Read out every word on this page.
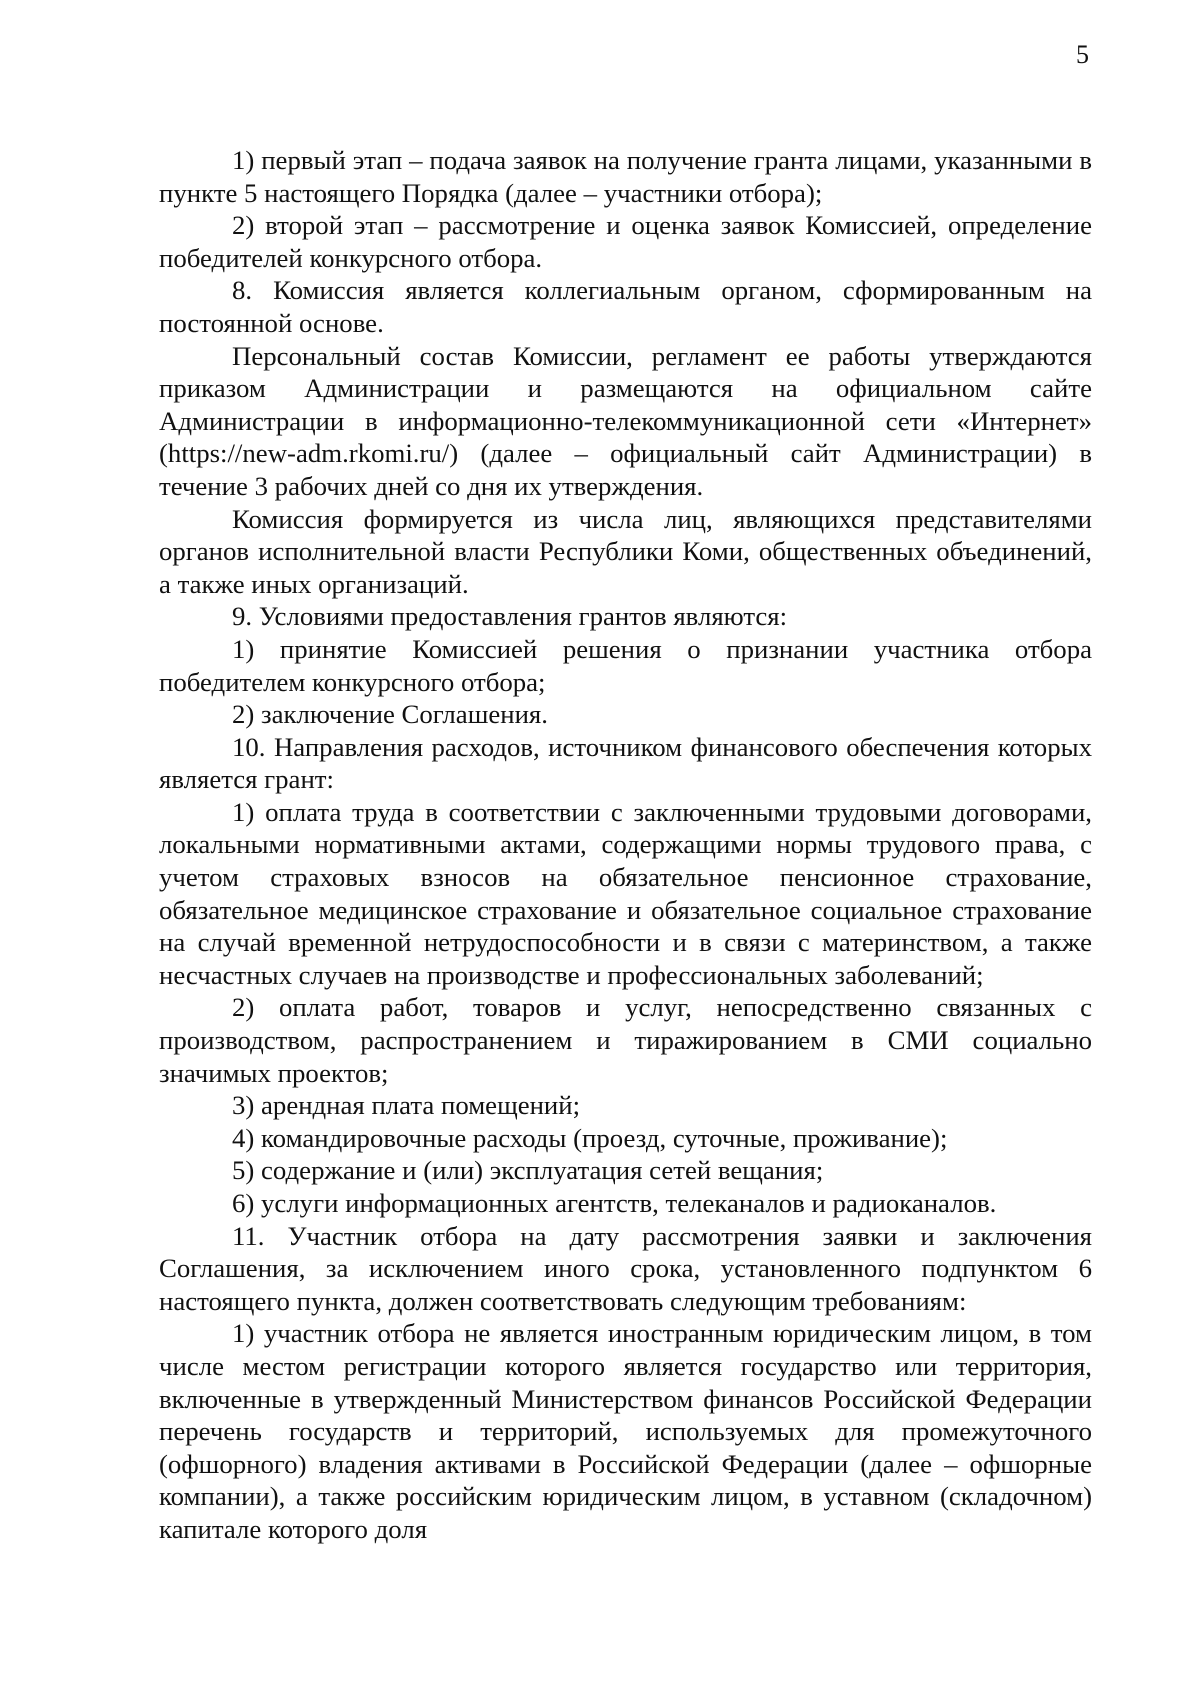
5

1) первый этап – подача заявок на получение гранта лицами, указанными в пункте 5 настоящего Порядка (далее – участники отбора);

2) второй этап – рассмотрение и оценка заявок Комиссией, определение победителей конкурсного отбора.

8. Комиссия является коллегиальным органом, сформированным на постоянной основе.

Персональный состав Комиссии, регламент ее работы утверждаются приказом Администрации и размещаются на официальном сайте Администрации в информационно-телекоммуникационной сети «Интернет» (https://new-adm.rkomi.ru/) (далее – официальный сайт Администрации) в течение 3 рабочих дней со дня их утверждения.

Комиссия формируется из числа лиц, являющихся представителями органов исполнительной власти Республики Коми, общественных объединений, а также иных организаций.

9. Условиями предоставления грантов являются:

1) принятие Комиссией решения о признании участника отбора победителем конкурсного отбора;

2) заключение Соглашения.

10. Направления расходов, источником финансового обеспечения которых является грант:

1) оплата труда в соответствии с заключенными трудовыми договорами, локальными нормативными актами, содержащими нормы трудового права, с учетом страховых взносов на обязательное пенсионное страхование, обязательное медицинское страхование и обязательное социальное страхование на случай временной нетрудоспособности и в связи с материнством, а также несчастных случаев на производстве и профессиональных заболеваний;

2) оплата работ, товаров и услуг, непосредственно связанных с производством, распространением и тиражированием в СМИ социально значимых проектов;

3) арендная плата помещений;

4) командировочные расходы (проезд, суточные, проживание);

5) содержание и (или) эксплуатация сетей вещания;

6) услуги информационных агентств, телеканалов и радиоканалов.

11. Участник отбора на дату рассмотрения заявки и заключения Соглашения, за исключением иного срока, установленного подпунктом 6 настоящего пункта, должен соответствовать следующим требованиям:

1) участник отбора не является иностранным юридическим лицом, в том числе местом регистрации которого является государство или территория, включенные в утвержденный Министерством финансов Российской Федерации перечень государств и территорий, используемых для промежуточного (офшорного) владения активами в Российской Федерации (далее – офшорные компании), а также российским юридическим лицом, в уставном (складочном) капитале которого доля
